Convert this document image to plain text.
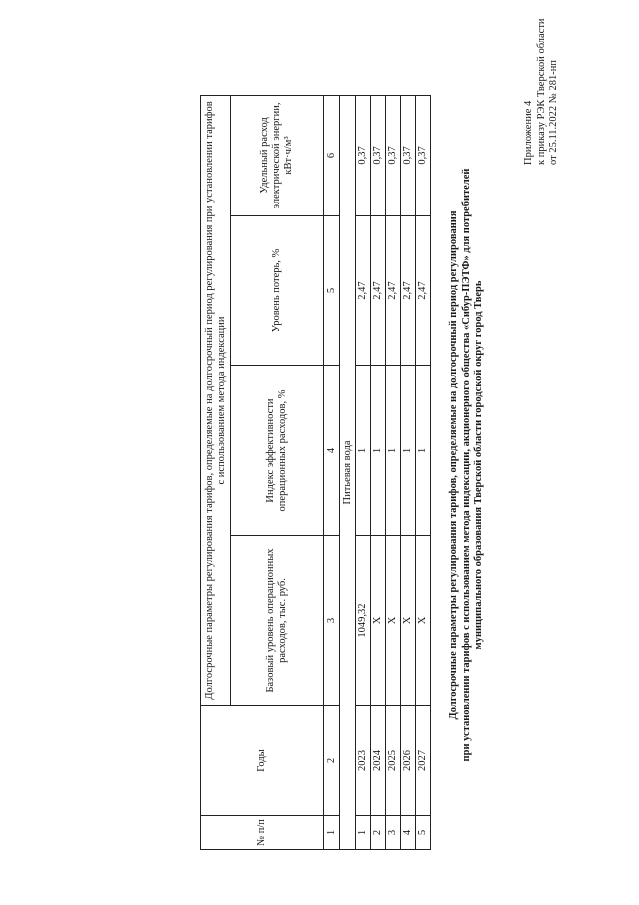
Приложение 4 к приказу РЭК Тверской области от 25.11.2022 № 281-нп
Долгосрочные параметры регулирования тарифов, определяемые на долгосрочный период регулирования при установлении тарифов с использованием метода индексации, акционерного общества «Сибур-ПЭТФ» для потребителей муниципального образования Тверской области городской округ город Тверь
№ п/п	Годы	Долгосрочные параметры регулирования тарифов, определяемые на долгосрочный период регулирования при установлении тарифов с использованием метода индексации			
		Базовый уровень операционных расходов, тыс. руб.	Индекс эффективности операционных расходов, %	Уровень потерь, %	Удельный расход электрической энергии, кВт·ч/м³
1	2	3	4	5	6
Питьевая вода					
1	2023	1049,32	1	2,47	0,37
2	2024	Х	1	2,47	0,37
3	2025	Х	1	2,47	0,37
4	2026	Х	1	2,47	0,37
5	2027	Х	1	2,47	0,37
